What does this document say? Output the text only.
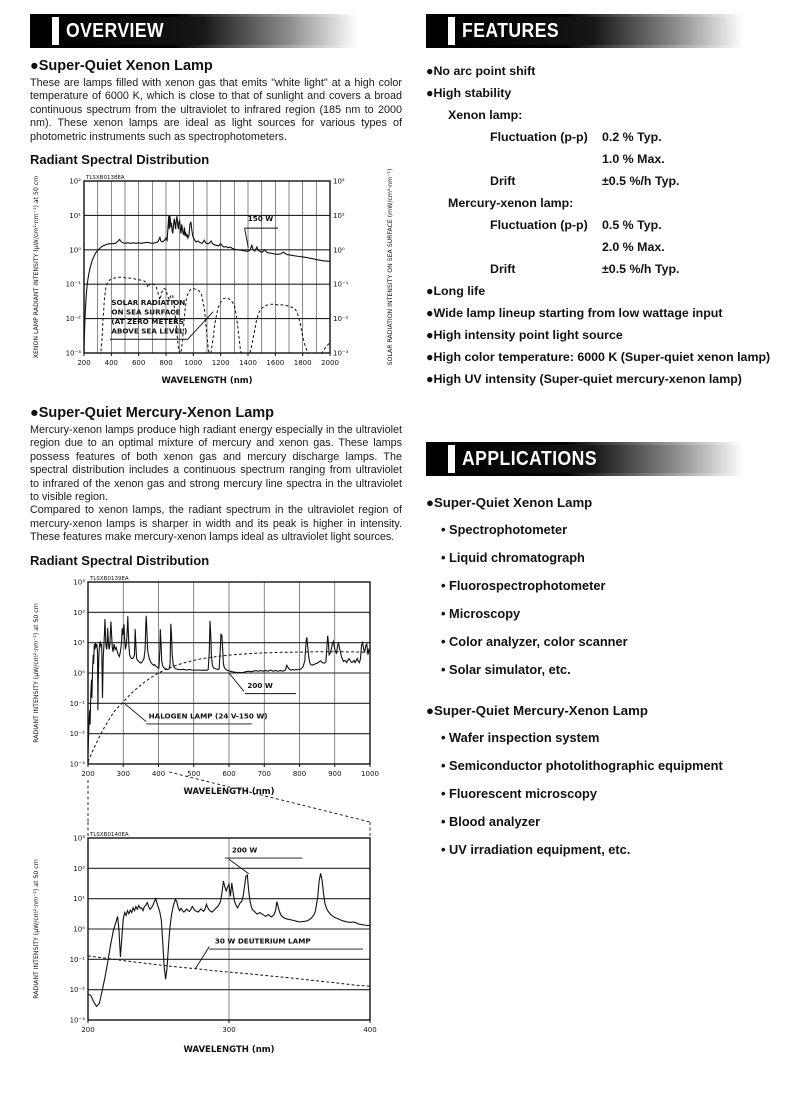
OVERVIEW
●Super-Quiet Xenon Lamp
These are lamps filled with xenon gas that emits "white light" at a high color temperature of 6000 K, which is close to that of sunlight and covers a broad continuous spectrum from the ultraviolet to infrared region (185 nm to 2000 nm). These xenon lamps are ideal as light sources for various types of photometric instruments such as spectrophotometers.
Radiant Spectral Distribution
200 400 600 800 1000 1200 1400 1600 1800 2000
10²	10²
10¹	10¹
10⁰	10⁰
10⁻¹	10⁻¹
10⁻²	10⁻²
10⁻³	10⁻³
150 W
SOLAR RADIATION ON SEA SURFACE (AT ZERO METERS ABOVE SEA LEVEL)
TLSXB0138EA
WAVELENGTH (nm)
XENON LAMP RADIANT INTENSITY (µW/cm²·nm⁻¹) at 50 cm	SOLAR RADIATION INTENSITY ON SEA SURFACE (mW/cm²·nm⁻¹)
●Super-Quiet Mercury-Xenon Lamp
Mercury-xenon lamps produce high radiant energy especially in the ultraviolet region due to an optimal mixture of mercury and xenon gas. These lamps possess features of both xenon gas and mercury discharge lamps. The spectral distribution includes a continuous spectrum ranging from ultraviolet to infrared of the xenon gas and strong mercury line spectra in the ultraviolet to visible region.
Compared to xenon lamps, the radiant spectrum in the ultraviolet region of mercury-xenon lamps is sharper in width and its peak is higher in intensity. These features make mercury-xenon lamps ideal as ultraviolet light sources.
Radiant Spectral Distribution
200	300	400	500	600	700	800	900	1000
10³
10²
10¹
10⁰
10⁻¹
10⁻²
10⁻³
200 W
HALOGEN LAMP (24 V-150 W)
TLSXB0139EA
WAVELENGTH (nm)
RADIANT INTENSITY (µW/cm²·nm⁻¹) at 50 cm
200	300	400
10³
10²
10¹
10⁰
10⁻¹
10⁻²
10⁻³
200 W
30 W DEUTERIUM LAMP
TLSXB0140EA
WAVELENGTH (nm)
RADIANT INTENSITY (µW/cm²·nm⁻¹) at 50 cm
FEATURES
●No arc point shift
●High stability
Xenon lamp:
Fluctuation (p-p)	0.2 % Typ.
1.0 % Max.
Drift	±0.5 %/h Typ.
Mercury-xenon lamp:
Fluctuation (p-p)	0.5 % Typ.
2.0 % Max.
Drift	±0.5 %/h Typ.
●Long life
●Wide lamp lineup starting from low wattage input
●High intensity point light source
●High color temperature: 6000 K (Super-quiet xenon lamp)
●High UV intensity (Super-quiet mercury-xenon lamp)
APPLICATIONS
●Super-Quiet Xenon Lamp
• Spectrophotometer
• Liquid chromatograph
• Fluorospectrophotometer
• Microscopy
• Color analyzer, color scanner
• Solar simulator, etc.
●Super-Quiet Mercury-Xenon Lamp
• Wafer inspection system
• Semiconductor photolithographic equipment
• Fluorescent microscopy
• Blood analyzer
• UV irradiation equipment, etc.
